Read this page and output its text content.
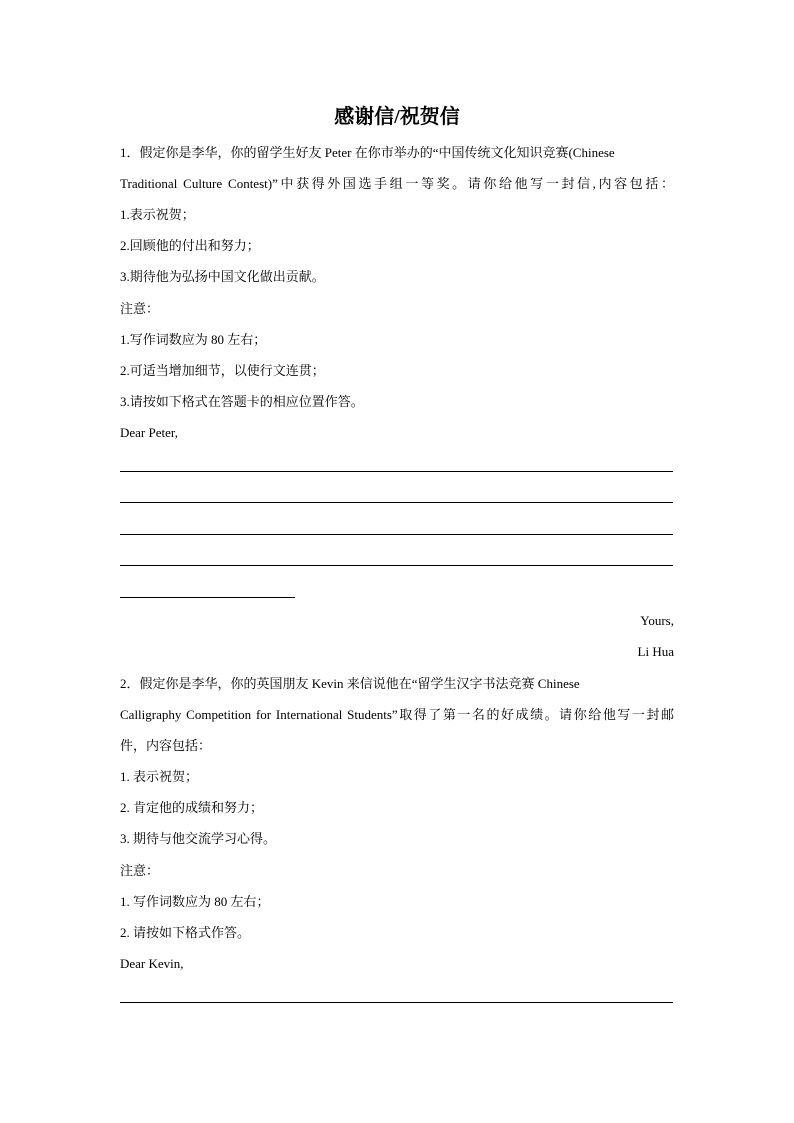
感谢信/祝贺信
1．假定你是李华，你的留学生好友 Peter 在你市举办的“中国传统文化知识竞赛(Chinese
Traditional Culture Contest)”中获得外国选手组一等奖。请你给他写一封信,内容包括：
1.表示祝贺；
2.回顾他的付出和努力；
3.期待他为弘扬中国文化做出贡献。
注意：
1.写作词数应为 80 左右；
2.可适当增加细节，以使行文连贯；
3.请按如下格式在答题卡的相应位置作答。
Dear Peter,
Yours,
Li Hua
2．假定你是李华，你的英国朋友 Kevin 来信说他在“留学生汉字书法竞赛 Chinese
Calligraphy Competition for International Students”取得了第一名的好成绩。请你给他写一封邮
件，内容包括：
1. 表示祝贺；
2. 肯定他的成绩和努力；
3. 期待与他交流学习心得。
注意：
1. 写作词数应为 80 左右；
2. 请按如下格式作答。
Dear Kevin,
